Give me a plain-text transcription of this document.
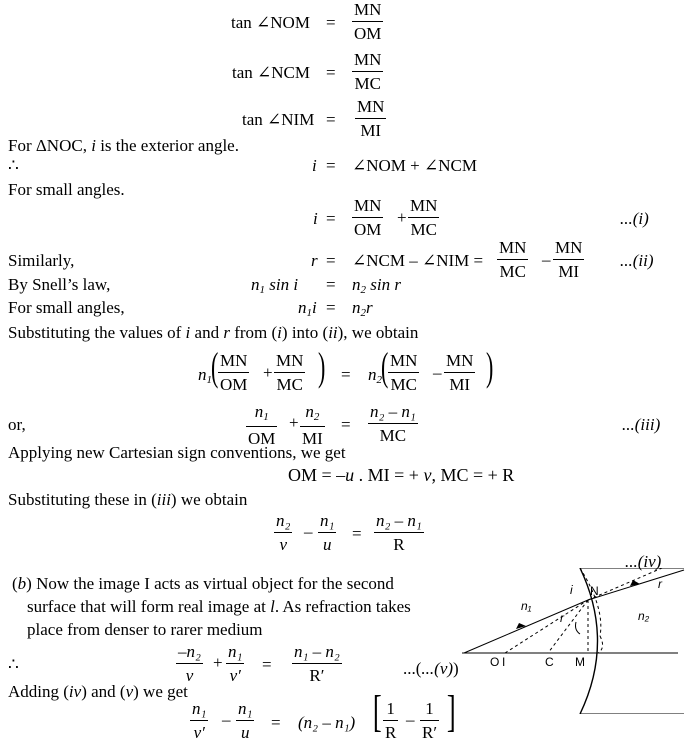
tan ∠NOM = $\frac{MN}{OM}$
tan ∠NCM = $\frac{MN}{MC}$
tan ∠NIM = $\frac{MN}{MI}$
For ΔNOC, i is the exterior angle.
∴	i = ∠NOM + ∠NCM
For small angles.
$i = \frac{MN}{OM} + \frac{MN}{MC}$	...(i)
Similarly,	r = ∠NCM – ∠NIM = $\frac{MN}{MC} - \frac{MN}{MI} ...(ii)$
By Snell’s law,	$n_1$ $\sin i = n_2$ sin r
For small angles,	$n_1i = n_2r$
Substituting the values of i and r from (i) into (ii), we obtain
$n_1$
( $\frac{MN}{OM} + \frac{MN}{MC}$ ) = $n_2$
( $\frac{MN}{MC} - \frac{MN}{MI}$ )
or,	$\frac{n_1}{OM} + \frac{n_2}{MI} = \frac{\text{n₂ – n₁}}{MC}$	...(iii)
Applying new Cartesian sign conventions, we get
OM = –u . MI = + v, MC = + R
Substituting these in (iii) we obtain
$\frac{\text{n₂}}{v} - \frac{\text{n₁}}{u} = \frac{\text{n₂ – n₁}}{R}$
...(iv)
(b) Now the image I acts as virtual object for the second
surface that will form real image at l. As refraction takes
place from denser to rarer medium
∴	$\frac{\text{–n₂}}{v} + \frac{\text{n₁}}{v'} = \frac{\text{n₁ – n₂}}{R'}$	...(...(v))
Adding (iv) and (v) we get
$\frac{\text{n₁}}{v'} - \frac{\text{n₁}}{u} = (n_2 - n_1)$ [ $\frac{1}{R} - \frac{1}{R'}$ ]
O I	C M
N
i
r
r
n₁
n₂
